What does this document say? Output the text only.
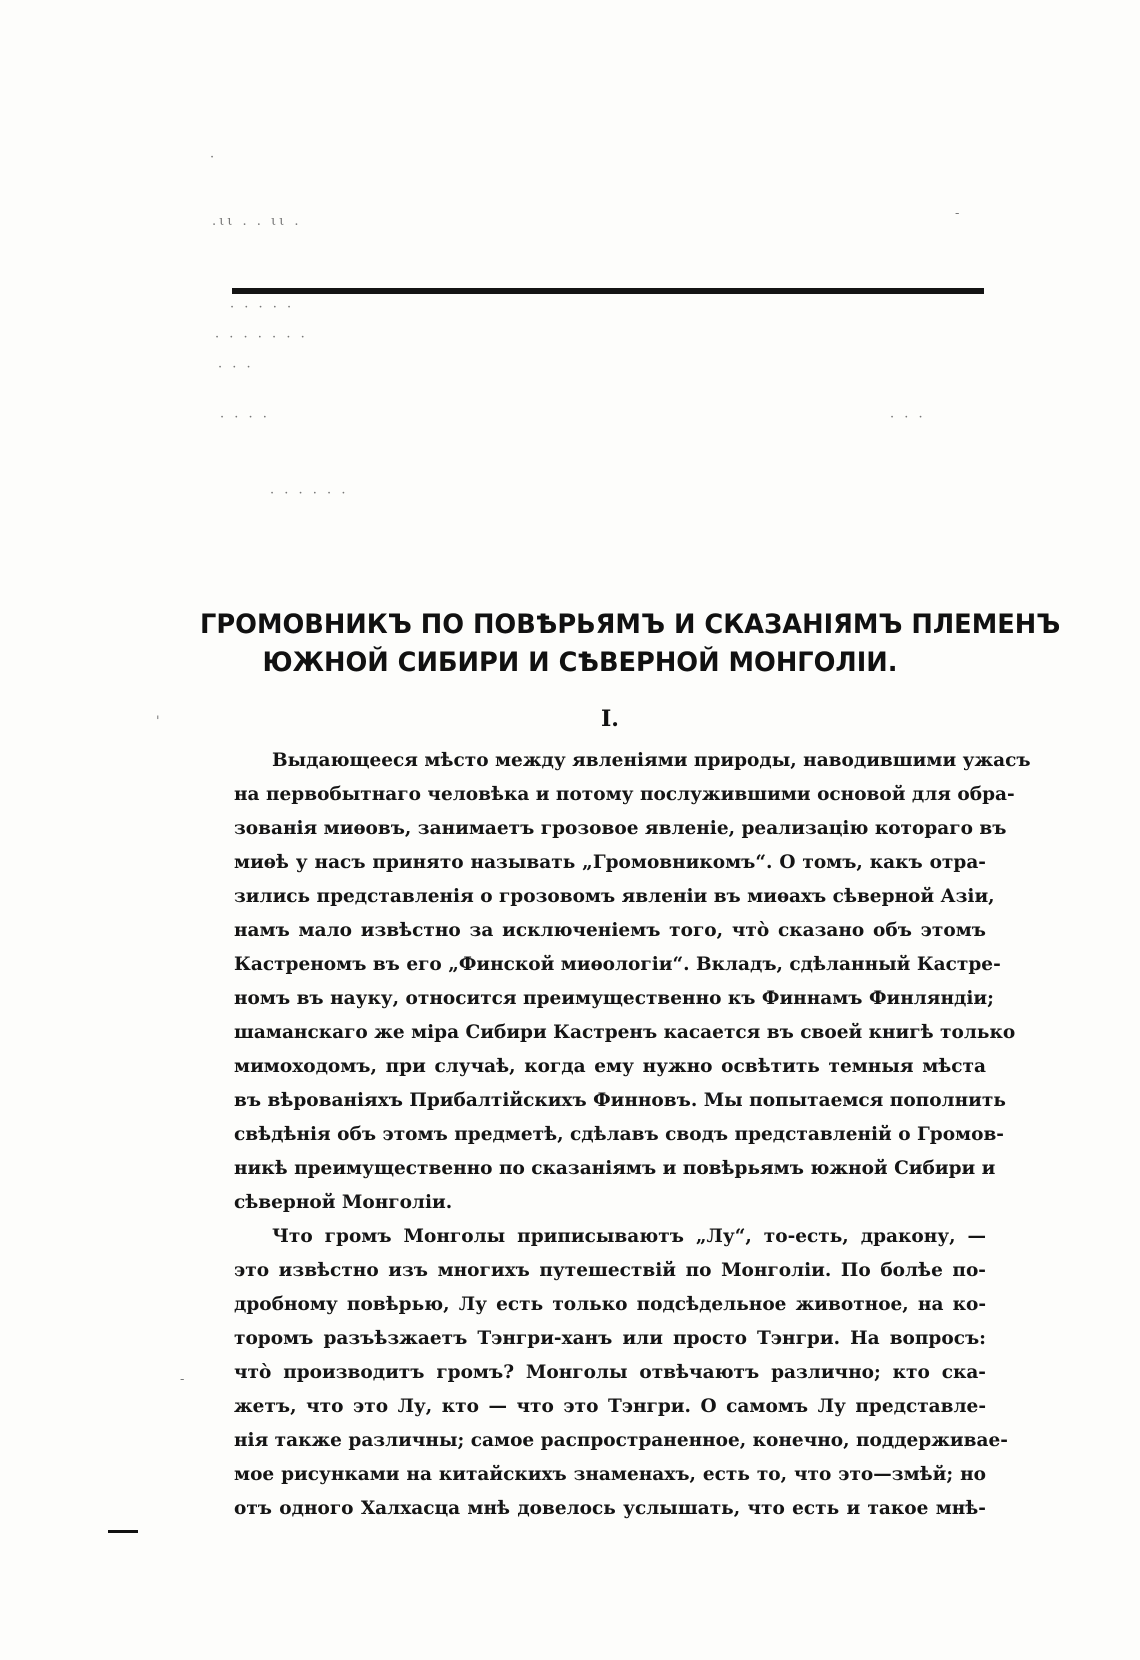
.ιι . . ιι .
·
-
· · · · ·
· · · · · · ·
· · ·
· · · ·	· · ·
· · · · · ·
'
-
ГРОМОВНИКЪ ПО ПОВѢРЬЯМЪ И СКАЗАНІЯМЪ ПЛЕМЕНЪ
ЮЖНОЙ СИБИРИ И СѢВЕРНОЙ МОНГОЛІИ.
I.
Выдающееся мѣсто между явленіями природы, наводившими ужасъ
на первобытнаго человѣка и потому послужившими основой для обра-
зованія миѳовъ, занимаетъ грозовое явленіе, реализацію котораго въ
миѳѣ у насъ принято называть „Громовникомъ“. О томъ, какъ отра-
зились представленія о грозовомъ явленіи въ миѳахъ сѣверной Азіи,
намъ мало извѣстно за исключеніемъ того, что̀ сказано объ этомъ
Кастреномъ въ его „Финской миѳологіи“. Вкладъ, сдѣланный Кастре-
номъ въ науку, относится преимущественно къ Финнамъ Финляндіи;
шаманскаго же міра Сибири Кастренъ касается въ своей книгѣ только
мимоходомъ, при случаѣ, когда ему нужно освѣтить темныя мѣста
въ вѣрованіяхъ Прибалтійскихъ Финновъ. Мы попытаемся пополнить
свѣдѣнія объ этомъ предметѣ, сдѣлавъ сводъ представленій о Громов-
никѣ преимущественно по сказаніямъ и повѣрьямъ южной Сибири и
сѣверной Монголіи.
Что громъ Монголы приписываютъ „Лу“, то-есть, дракону, —
это извѣстно изъ многихъ путешествій по Монголіи. По болѣе по-
дробному повѣрью, Лу есть только подсѣдельное животное, на ко-
торомъ разъѣзжаетъ Тэнгри-ханъ или просто Тэнгри. На вопросъ:
что̀ производитъ громъ? Монголы отвѣчаютъ различно; кто ска-
жетъ, что это Лу, кто — что это Тэнгри. О самомъ Лу представле-
нія также различны; самое распространенное, конечно, поддерживае-
мое рисунками на китайскихъ знаменахъ, есть то, что это—змѣй; но
отъ одного Халхасца мнѣ довелось услышать, что есть и такое мнѣ-
